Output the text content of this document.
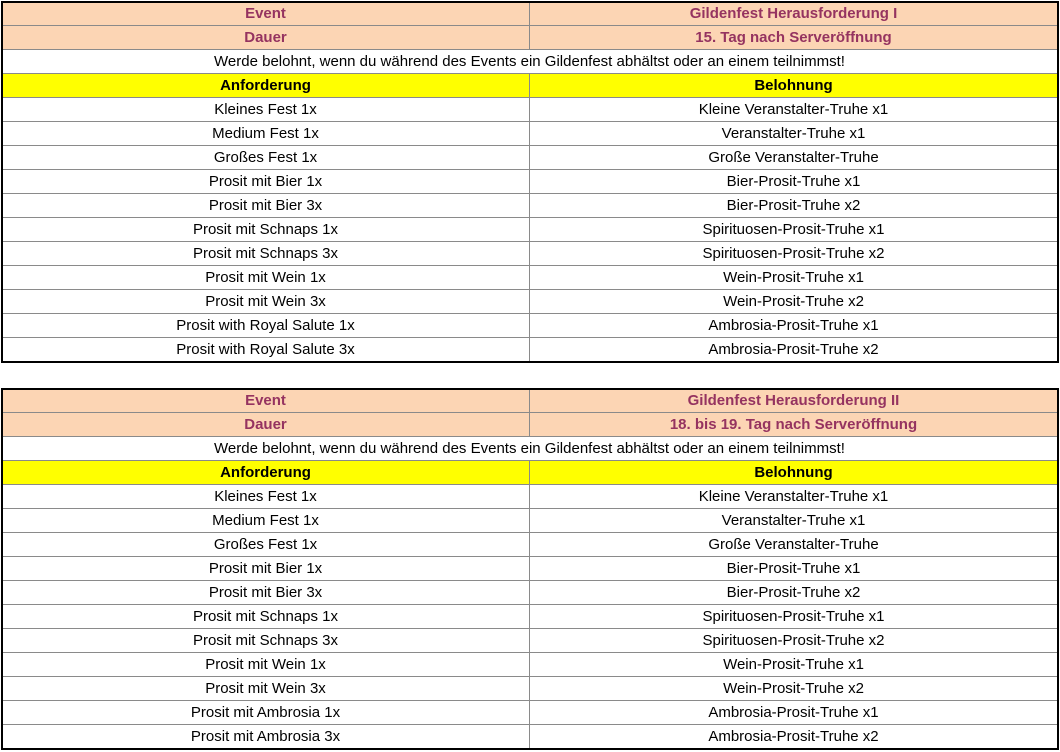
Event	Gildenfest Herausforderung I
Dauer	15. Tag nach Serveröffnung
Werde belohnt, wenn du während des Events ein Gildenfest abhältst oder an einem teilnimmst!	
Anforderung	Belohnung
Kleines Fest 1x	Kleine Veranstalter-Truhe x1
Medium Fest 1x	Veranstalter-Truhe x1
Großes Fest 1x	Große Veranstalter-Truhe
Prosit mit Bier 1x	Bier-Prosit-Truhe x1
Prosit mit Bier 3x	Bier-Prosit-Truhe x2
Prosit mit Schnaps 1x	Spirituosen-Prosit-Truhe x1
Prosit mit Schnaps 3x	Spirituosen-Prosit-Truhe x2
Prosit mit Wein 1x	Wein-Prosit-Truhe x1
Prosit mit Wein 3x	Wein-Prosit-Truhe x2
Prosit with Royal Salute 1x	Ambrosia-Prosit-Truhe x1
Prosit with Royal Salute 3x	Ambrosia-Prosit-Truhe x2
Event	Gildenfest Herausforderung II
Dauer	18. bis 19. Tag nach Serveröffnung
Werde belohnt, wenn du während des Events ein Gildenfest abhältst oder an einem teilnimmst!	
Anforderung	Belohnung
Kleines Fest 1x	Kleine Veranstalter-Truhe x1
Medium Fest 1x	Veranstalter-Truhe x1
Großes Fest 1x	Große Veranstalter-Truhe
Prosit mit Bier 1x	Bier-Prosit-Truhe x1
Prosit mit Bier 3x	Bier-Prosit-Truhe x2
Prosit mit Schnaps 1x	Spirituosen-Prosit-Truhe x1
Prosit mit Schnaps 3x	Spirituosen-Prosit-Truhe x2
Prosit mit Wein 1x	Wein-Prosit-Truhe x1
Prosit mit Wein 3x	Wein-Prosit-Truhe x2
Prosit mit Ambrosia 1x	Ambrosia-Prosit-Truhe x1
Prosit mit Ambrosia 3x	Ambrosia-Prosit-Truhe x2
